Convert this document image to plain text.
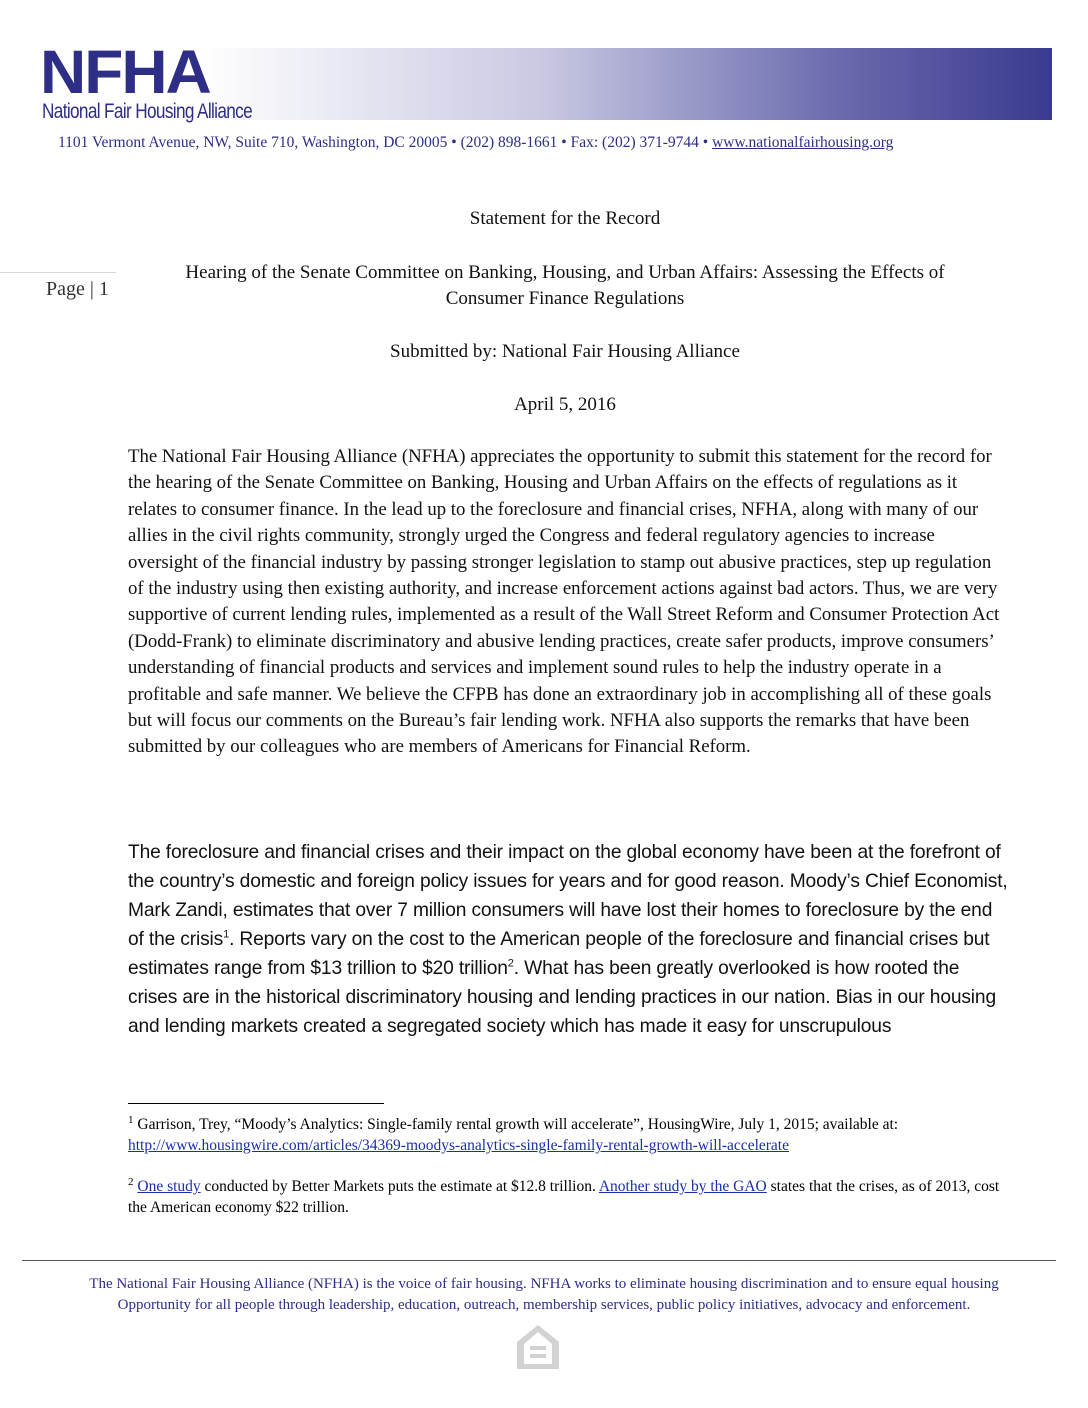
NFHA
National Fair Housing Alliance
1101 Vermont Avenue, NW, Suite 710, Washington, DC 20005 • (202) 898-1661 • Fax: (202) 371-9744 • www.nationalfairhousing.org
Page | 1
Statement for the Record
Hearing of the Senate Committee on Banking, Housing, and Urban Affairs: Assessing the Effects of
Consumer Finance Regulations
Submitted by: National Fair Housing Alliance
April 5, 2016

The National Fair Housing Alliance (NFHA) appreciates the opportunity to submit this statement for the record for the hearing of the Senate Committee on Banking, Housing and Urban Affairs on the effects of regulations as it relates to consumer finance. In the lead up to the foreclosure and financial crises, NFHA, along with many of our allies in the civil rights community, strongly urged the Congress and federal regulatory agencies to increase oversight of the financial industry by passing stronger legislation to stamp out abusive practices, step up regulation of the industry using then existing authority, and increase enforcement actions against bad actors. Thus, we are very supportive of current lending rules, implemented as a result of the Wall Street Reform and Consumer Protection Act (Dodd-Frank) to eliminate discriminatory and abusive lending practices, create safer products, improve consumers’ understanding of financial products and services and implement sound rules to help the industry operate in a profitable and safe manner. We believe the CFPB has done an extraordinary job in accomplishing all of these goals but will focus our comments on the Bureau’s fair lending work. NFHA also supports the remarks that have been submitted by our colleagues who are members of Americans for Financial Reform.

The foreclosure and financial crises and their impact on the global economy have been at the forefront of the country’s domestic and foreign policy issues for years and for good reason. Moody’s Chief Economist, Mark Zandi, estimates that over 7 million consumers will have lost their homes to foreclosure by the end of the crisis$^1$. Reports vary on the cost to the American people of the foreclosure and financial crises but estimates range from $13 trillion to $20 trillion$^2$. What has been greatly overlooked is how rooted the crises are in the historical discriminatory housing and lending practices in our nation. Bias in our housing and lending markets created a segregated society which has made it easy for unscrupulous

$^1$ Garrison, Trey, “Moody’s Analytics: Single-family rental growth will accelerate”, HousingWire, July 1, 2015; available at: http://www.housingwire.com/articles/34369-moodys-analytics-single-family-rental-growth-will-accelerate

$^2$ One study conducted by Better Markets puts the estimate at $12.8 trillion. Another study by the GAO states that the crises, as of 2013, cost the American economy $22 trillion.

The National Fair Housing Alliance (NFHA) is the voice of fair housing. NFHA works to eliminate housing discrimination and to ensure equal housing
Opportunity for all people through leadership, education, outreach, membership services, public policy initiatives, advocacy and enforcement.
